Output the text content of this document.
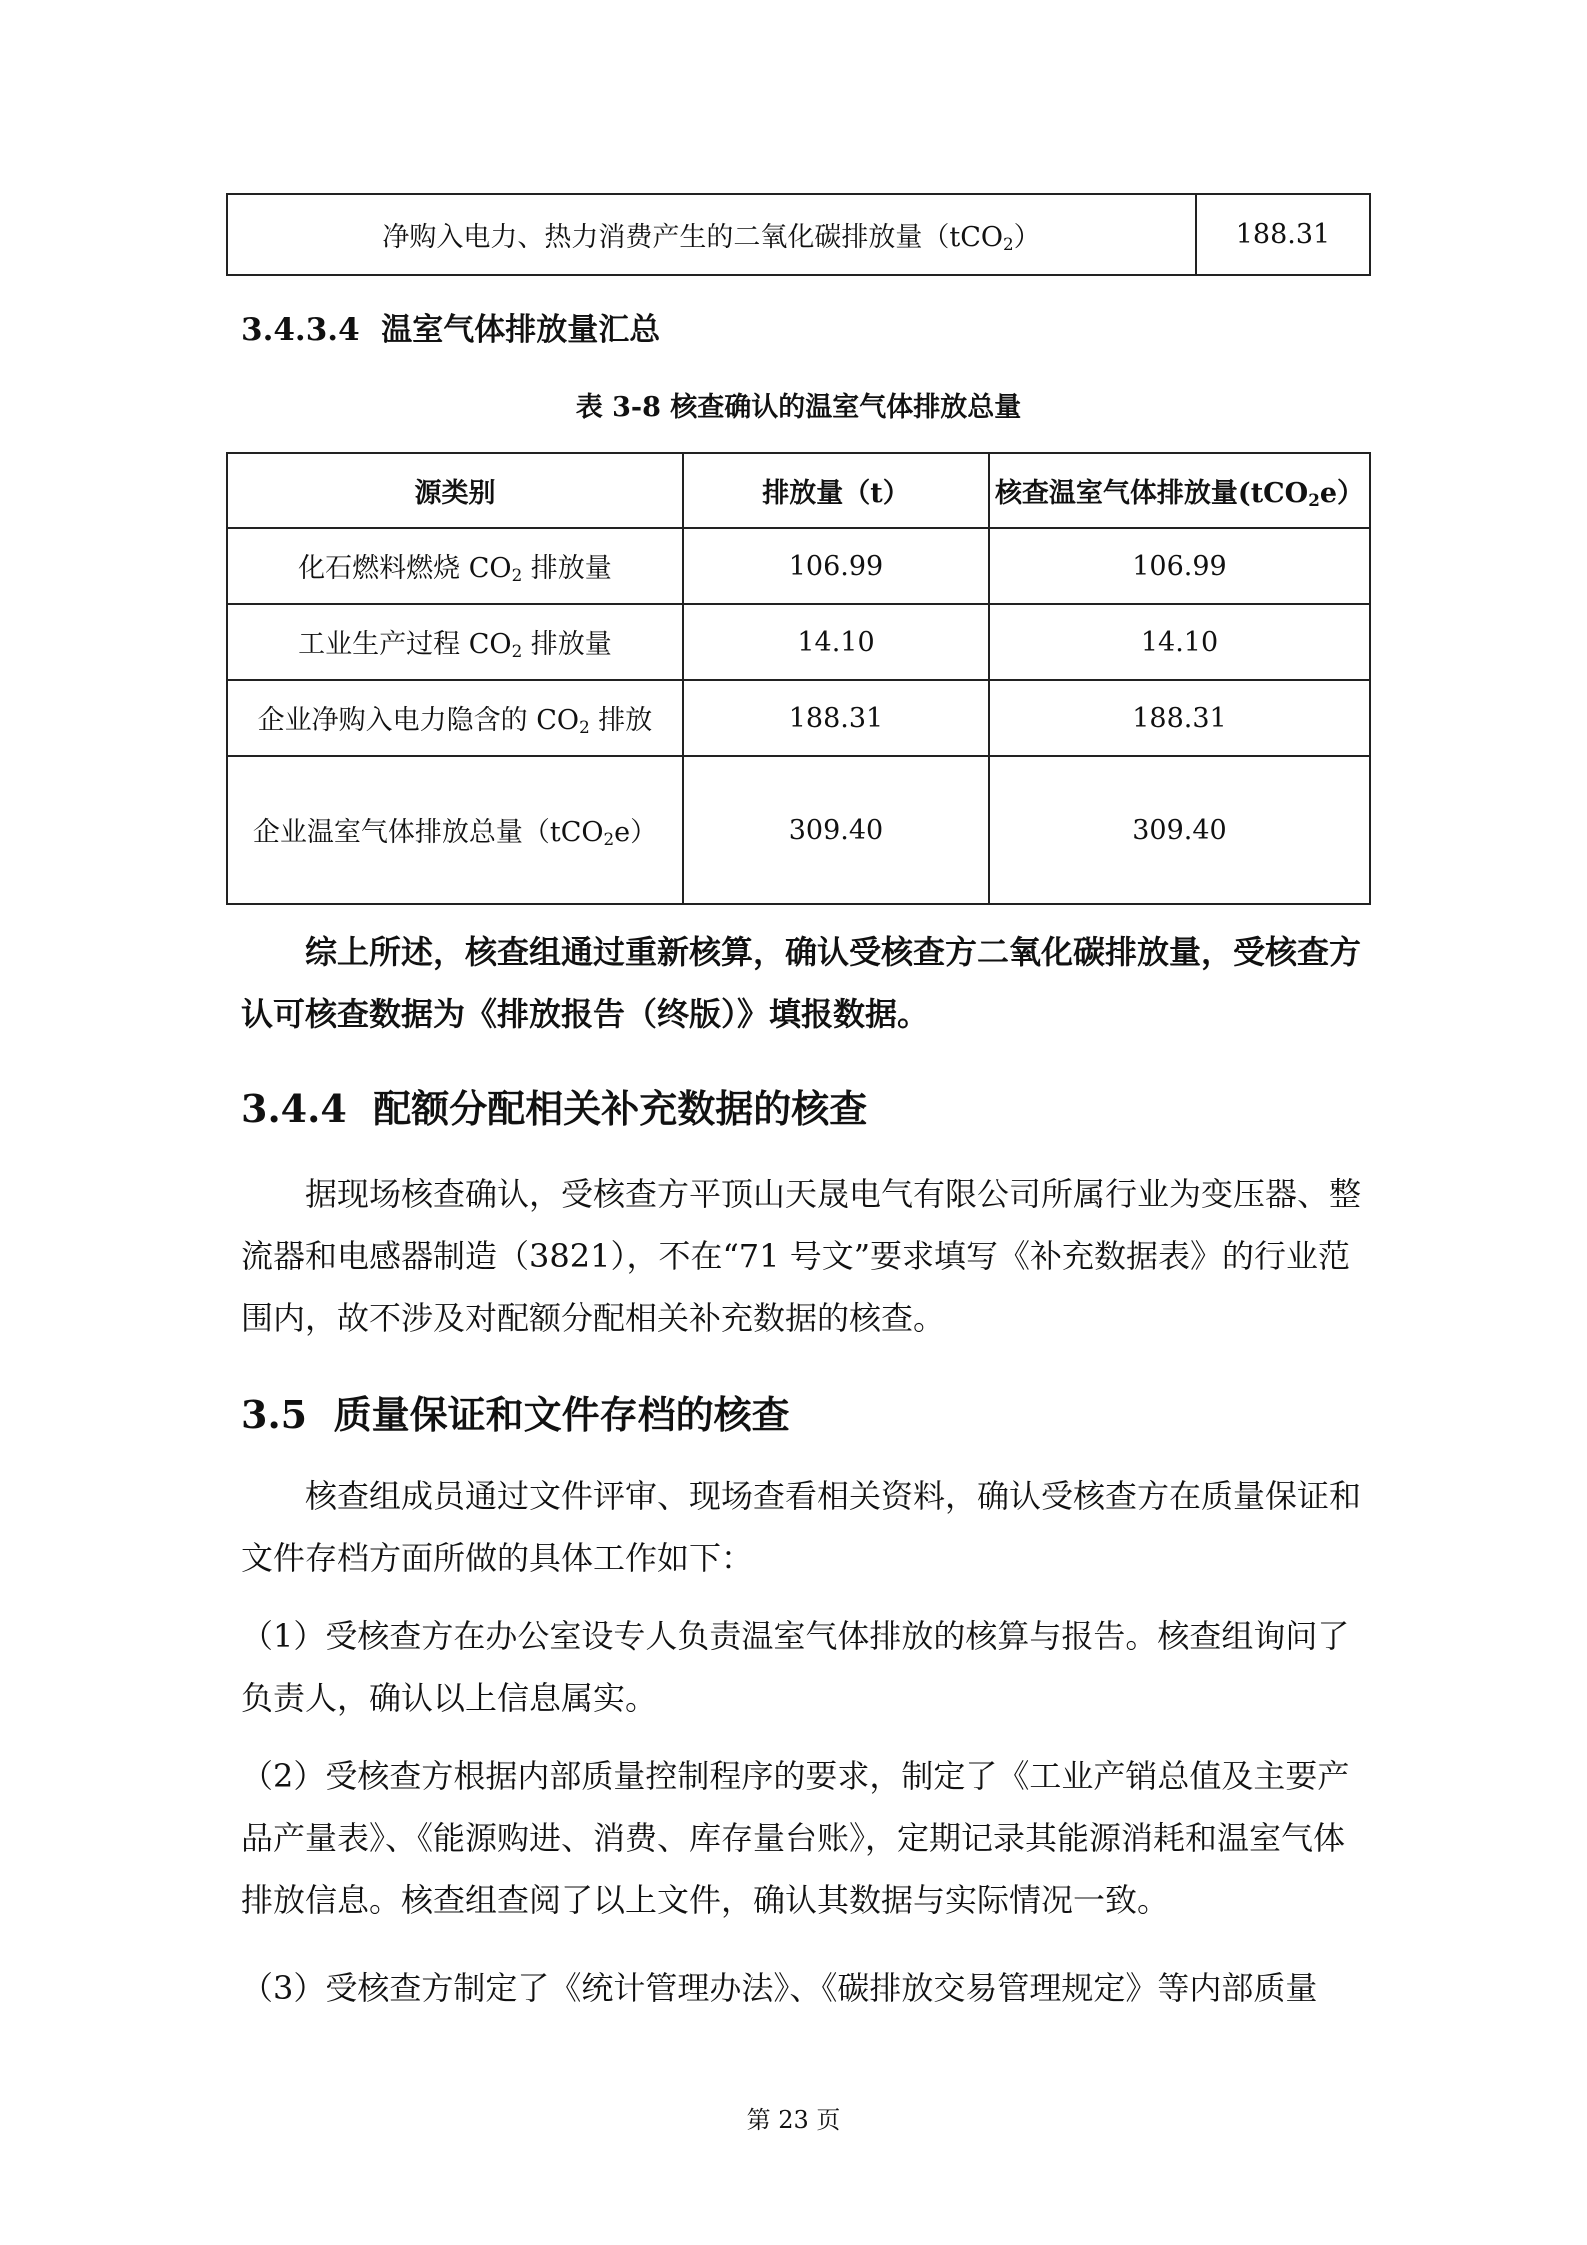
净购入电力、热力消费产生的二氧化碳排放量（tCO$_2$）	188.31
3.4.3.4 温室气体排放量汇总
表 3-8 核查确认的温室气体排放总量
源类别	排放量（t）	核查温室气体排放量(tCO$_2$e）
化石燃料燃烧 $CO_2$ 排放量	106.99	106.99
工业生产过程 $CO_2$ 排放量	14.10	14.10
企业净购入电力隐含的 $CO_2$ 排放	188.31	188.31
企业温室气体排放总量（tCO$_2$e）	309.40	309.40
综上所述，核查组通过重新核算，确认受核查方二氧化碳排放量，受核查方认可核查数据为《排放报告（终版）》填报数据。
3.4.4 配额分配相关补充数据的核查
据现场核查确认，受核查方平顶山天晟电气有限公司所属行业为变压器、整流器和电感器制造（3821），不在“71 号文”要求填写《补充数据表》的行业范围内，故不涉及对配额分配相关补充数据的核查。
3.5 质量保证和文件存档的核查
核查组成员通过文件评审、现场查看相关资料，确认受核查方在质量保证和文件存档方面所做的具体工作如下：
（1）受核查方在办公室设专人负责温室气体排放的核算与报告。核查组询问了负责人，确认以上信息属实。
（2）受核查方根据内部质量控制程序的要求，制定了《工业产销总值及主要产品产量表》、《能源购进、消费、库存量台账》，定期记录其能源消耗和温室气体排放信息。核查组查阅了以上文件，确认其数据与实际情况一致。
（3）受核查方制定了《统计管理办法》、《碳排放交易管理规定》等内部质量
第 23 页
